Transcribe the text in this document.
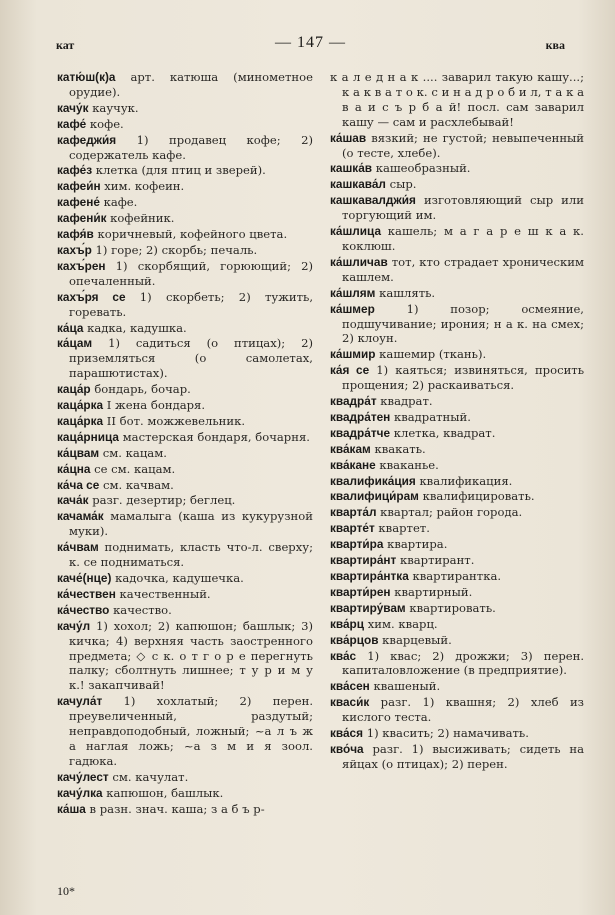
кат	— 147 —	ква
катю́ш(к)а арт. катюша (минометное орудие).
качу́к каучук.
кафе́ кофе.
кафеджи́я 1) продавец кофе; 2) содержатель кафе.
кафе́з клетка (для птиц и зверей).
кафеи́н хим. кофеин.
кафене́ кафе.
кафени́к кофейник.
кафя́в коричневый, кофейного цвета.
кахъ́р 1) горе; 2) скорбь; печаль.
кахъ́рен 1) скорбящий, горюющий; 2) опечаленный.
кахъ́ря се 1) скорбеть; 2) тужить, горевать.
ка́ца кадка, кадушка.
ка́цам 1) садиться (о птицах); 2) приземляться (о самолетах, парашютистах).
каца́р бондарь, бочар.
каца́рка I жена бондаря.
каца́рка II бот. можжевельник.
каца́рница мастерская бондаря, бочарня.
ка́цвам см. кацам.
ка́цна се см. кацам.
ка́ча се см. качвам.
кача́к разг. дезертир; беглец.
качама́к мамалыга (каша из кукурузной муки).
ка́чвам поднимать, класть что-л. сверху; к. се подниматься.
каче́(нце) кадочка, кадушечка.
ка́чествен качественный.
ка́чество качество.
качу́л 1) хохол; 2) капюшон; башлык; 3) кичка; 4) верхняя часть заостренного предмета; ◇ с к. о т г о р е перегнуть палку; сболтнуть лишнее; т у р и м у к.! закапчивай!
качула́т 1) хохлатый; 2) перен. преувеличенный, раздутый; неправдоподобный, ложный; ~а л ъ ж а наглая ложь; ~а з м и я зоол. гадюка.
качу́лест см. качулат.
качу́лка капюшон, башлык.
ка́ша в разн. знач. каша; з а б ъ р-
к а л е д н а к .... заварил такую кашу...; к а к в а т о к. с и н а д р о б и л, т а к а в а и с ъ р б а й! посл. сам заварил кашу — сам и расхлебывай!
ка́шав вязкий; не густой; невыпеченный (о тесте, хлебе).
кашка́в кашеобразный.
кашкава́л сыр.
кашкавалджи́я изготовляющий сыр или торгующий им.
ка́шлица кашель; м а г а р е ш к а к. коклюш.
ка́шличав тот, кто страдает хроническим кашлем.
ка́шлям кашлять.
ка́шмер	1) позор; осмеяние, подшучивание; ирония; н а к. на смех; 2) клоун.
ка́шмир кашемир (ткань).
ка́я се 1) каяться; извиняться, просить прощения; 2) раскаиваться.
квадра́т квадрат.
квадра́тен квадратный.
квадра́тче клетка, квадрат.
ква́кам квакать.
ква́кане кваканье.
квалифика́ция квалификация.
квалифици́рам квалифицировать.
кварта́л квартал; район города.
кварте́т квартет.
кварти́ра квартира.
квартира́нт квартирант.
квартира́нтка квартирантка.
кварти́рен квартирный.
квартиру́вам квартировать.
ква́рц хим. кварц.
ква́рцов кварцевый.
ква́с 1) квас; 2) дрожжи; 3) перен. капиталовложение (в предприятие).
ква́сен квашеный.
кваси́к разг. 1) квашня; 2) хлеб из кислого теста.
ква́ся 1) квасить; 2) намачивать.
кво́ча разг. 1) высиживать; сидеть на яйцах (о птицах); 2) перен.
10*
